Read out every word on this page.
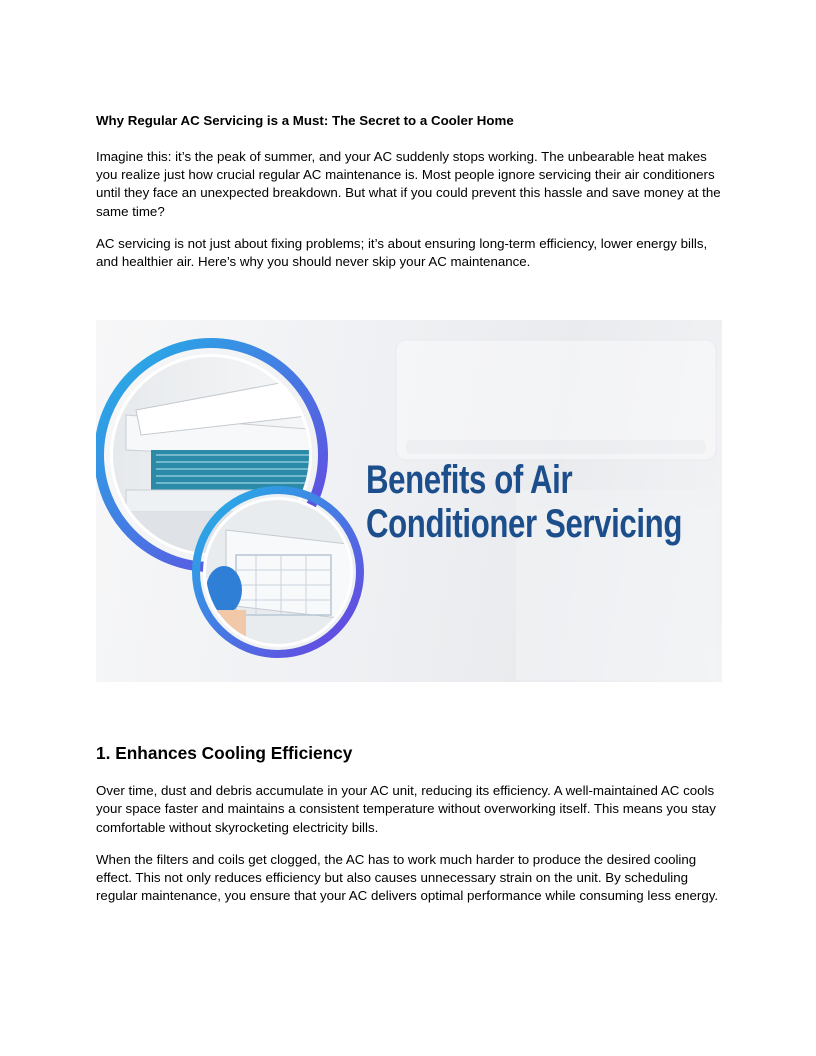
Why Regular AC Servicing is a Must: The Secret to a Cooler Home

Imagine this: it’s the peak of summer, and your AC suddenly stops working. The unbearable heat makes you realize just how crucial regular AC maintenance is. Most people ignore servicing their air conditioners until they face an unexpected breakdown. But what if you could prevent this hassle and save money at the same time?

AC servicing is not just about fixing problems; it’s about ensuring long-term efficiency, lower energy bills, and healthier air. Here’s why you should never skip your AC maintenance.

Benefits of Air
Conditioner Servicing
1. Enhances Cooling Efficiency

Over time, dust and debris accumulate in your AC unit, reducing its efficiency. A well-maintained AC cools your space faster and maintains a consistent temperature without overworking itself. This means you stay comfortable without skyrocketing electricity bills.

When the filters and coils get clogged, the AC has to work much harder to produce the desired cooling effect. This not only reduces efficiency but also causes unnecessary strain on the unit. By scheduling regular maintenance, you ensure that your AC delivers optimal performance while consuming less energy.
